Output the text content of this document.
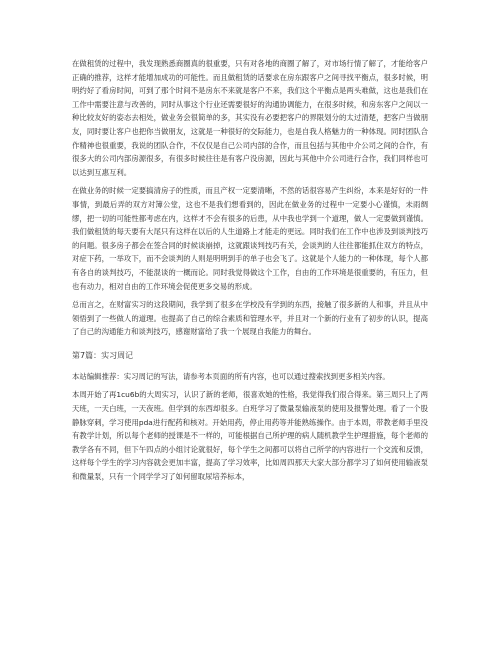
在做租赁的过程中，我发现熟悉商圈真的很重要，只有对各地的商圈了解了，对市场行情了解了，才能给客户正确的推荐，这样才能增加成功的可能性。而且做租赁的话要求在房东跟客户之间寻找平衡点，很多时候，明明约好了看房时间，可到了那个时间不是房东不来就是客户不来，我们这个平衡点是两头难做，这也是我们在工作中需要注意与改善的，同时从事这个行业还需要很好的沟通协调能力，在很多时候，和房东客户之间以一种比较友好的姿态去相处，做业务会很简单的多，其实没有必要把客户的界限划分的太过清楚，把客户当做朋友，同时要让客户也把你当做朋友，这就是一种很好的交际能力，也是自我人格魅力的一种体现。同时团队合作精神也很重要，我说的团队合作，不仅仅是自己公司内部的合作，而且包括与其他中介公司之间的合作，有很多大的公司内部房源很多，有很多时候往往是有客户没房源，因此与其他中介公司进行合作，我们同样也可以达到互惠互利。

在做业务的时候一定要搞清房子的性质，而且产权一定要清晰，不然的话很容易产生纠纷，本来是好好的一件事情，到最后弄的双方对簿公堂，这也不是我们想看到的，因此在做业务的过程中一定要小心谨慎，未雨绸缪，把一切的可能性都考虑在内，这样才不会有很多的后患，从中我也学到一个道理，做人一定要做到谨慎。我们做租赁的每天要有大尾只有这样在以后的人生道路上才能走的更远。同时我们在工作中也涉及到谈判技巧的问题。很多房子都会在签合同的时候谈崩掉，这就跟谈判技巧有关，会谈判的人往往都能抓住双方的特点，对症下药，一举攻下，而不会谈判的人则是明明到手的单子也会飞了。这就是个人能力的一种体现，每个人都有各自的谈判技巧，不能混谈的一概而论。同时我觉得做这个工作，自由的工作环境是很重要的，有压力，但也有动力，相对自由的工作环境会促使更多交易的形成。

总而言之，在财富实习的这段期间，我学到了很多在学校没有学到的东西，接触了很多新的人和事，并且从中领悟到了一些做人的道理。也提高了自己的综合素质和管理水平，并且对一个新的行业有了初步的认识，提高了自己的沟通能力和谈判技巧，感谢财富给了我一个展现自我能力的舞台。

第7篇：实习周记

本站编辑推荐：实习周记的写法，请参考本页面的所有内容，也可以通过搜索找到更多相关内容。

本周开始了再1cu6b的大周实习，认识了新的老师，很喜欢她的性格，我觉得我们很合得来。第三周只上了两天班，一天白班，一天夜班。但学到的东西却很多。白班学习了微量泵输液泵的使用及报警处理。看了一个股静脉穿刺，学习使用pda进行配药和核对。开始用药，停止用药等并能熟练操作。由于本周，带教老师手里没有教学计划，所以每个老师的授课是不一样的，可能根据自己所护理的病人随机教学生护理措施，每个老师的教学各有不同，但下午四点的小组讨论就很好，每个学生之间都可以将自己所学的内容进行一个交流和反馈，这样每个学生的学习内容就会更加丰富，提高了学习效率，比如周四那天大家大部分都学习了如何使用输液泵和微量泵，只有一个同学学习了如何留取尿培养标本，
